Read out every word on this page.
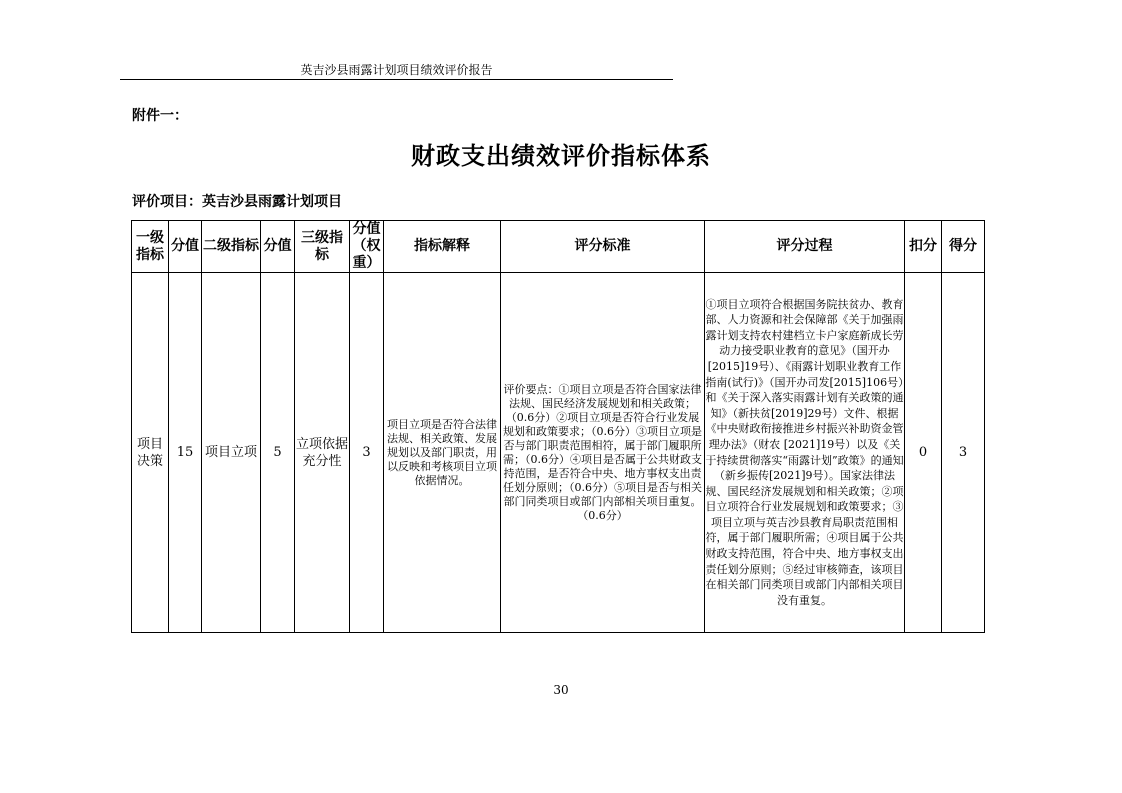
英吉沙县雨露计划项目绩效评价报告
附件一：
财政支出绩效评价指标体系
评价项目：英吉沙县雨露计划项目
一级指标	分值	二级指标	分值	三级指标	分值（权重）	指标解释	评分标准	评分过程	扣分	得分
项目决策	15	项目立项	5	立项依据充分性	3	项目立项是否符合法律法规、相关政策、发展规划以及部门职责，用以反映和考核项目立项依据情况。	评价要点：①项目立项是否符合国家法律法规、国民经济发展规划和相关政策；（0.6分）②项目立项是否符合行业发展规划和政策要求；（0.6分）③项目立项是否与部门职责范围相符，属于部门履职所需；（0.6分）④项目是否属于公共财政支持范围，是否符合中央、地方事权支出责任划分原则；（0.6分）⑤项目是否与相关部门同类项目或部门内部相关项目重复。（0.6分）	①项目立项符合根据国务院扶贫办、教育部、人力资源和社会保障部《关于加强雨露计划支持农村建档立卡户家庭新成长劳动力接受职业教育的意见》（国开办[2015]19号）、《雨露计划职业教育工作指南(试行)》（国开办司发[2015]106号）和《关于深入落实雨露计划有关政策的通知》（新扶贫[2019]29号）文件、根据《中央财政衔接推进乡村振兴补助资金管理办法》（财农 [2021]19号）以及《关于持续贯彻落实“雨露计划”政策》的通知（新乡振传[2021]9号）。国家法律法规、国民经济发展规划和相关政策；②项目立项符合行业发展规划和政策要求；③项目立项与英吉沙县教育局职责范围相符，属于部门履职所需；④项目属于公共财政支持范围，符合中央、地方事权支出责任划分原则；⑤经过审核筛查，该项目在相关部门同类项目或部门内部相关项目没有重复。	0	3
30
